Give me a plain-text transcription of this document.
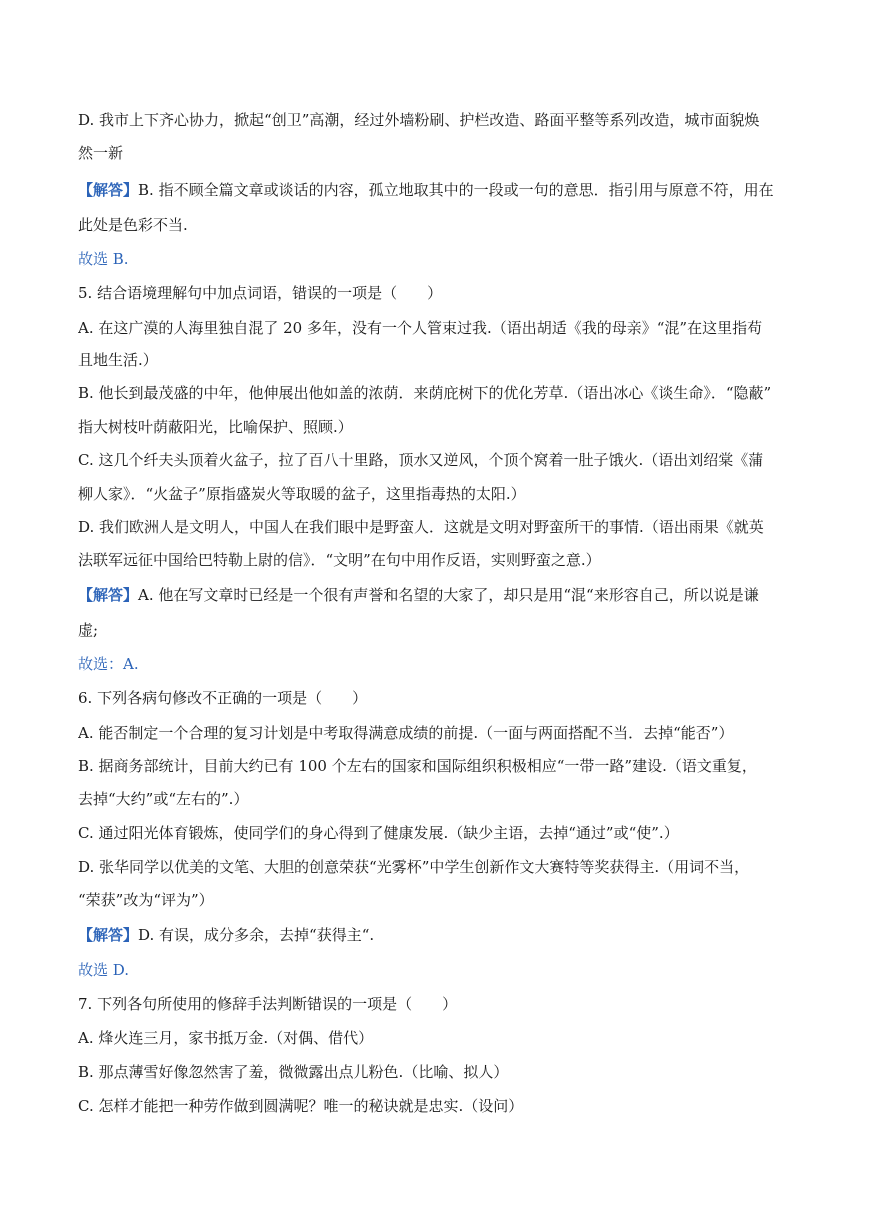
D. 我市上下齐心协力，掀起“创卫”高潮，经过外墙粉刷、护栏改造、路面平整等系列改造，城市面貌焕
然一新
【解答】B. 指不顾全篇文章或谈话的内容，孤立地取其中的一段或一句的意思．指引用与原意不符，用在
此处是色彩不当.
故选 B.
5. 结合语境理解句中加点词语，错误的一项是（　　）
A. 在这广漠的人海里独自混了 20 多年，没有一个人管束过我.（语出胡适《我的母亲》“混”在这里指苟
且地生活.）
B. 他长到最茂盛的中年，他伸展出他如盖的浓荫．来荫庇树下的优化芳草.（语出冰心《谈生命》．“隐蔽”
指大树枝叶荫蔽阳光，比喻保护、照顾.）
C. 这几个纤夫头顶着火盆子，拉了百八十里路，顶水又逆风，个顶个窝着一肚子饿火.（语出刘绍棠《蒲
柳人家》．“火盆子”原指盛炭火等取暖的盆子，这里指毒热的太阳.）
D. 我们欧洲人是文明人，中国人在我们眼中是野蛮人．这就是文明对野蛮所干的事情.（语出雨果《就英
法联军远征中国给巴特勒上尉的信》．“文明”在句中用作反语，实则野蛮之意.）
【解答】A. 他在写文章时已经是一个很有声誉和名望的大家了，却只是用“混“来形容自己，所以说是谦
虚;
故选：A.
6. 下列各病句修改不正确的一项是（　　）
A. 能否制定一个合理的复习计划是中考取得满意成绩的前提.（一面与两面搭配不当．去掉“能否”）
B. 据商务部统计，目前大约已有 100 个左右的国家和国际组织积极相应“一带一路”建设.（语文重复，
去掉“大约”或“左右的”.）
C. 通过阳光体育锻炼，使同学们的身心得到了健康发展.（缺少主语，去掉“通过”或“使”.）
D. 张华同学以优美的文笔、大胆的创意荣获“光雾杯”中学生创新作文大赛特等奖获得主.（用词不当，
“荣获”改为“评为”）
【解答】D. 有误，成分多余，去掉“获得主“.
故选 D.
7. 下列各句所使用的修辞手法判断错误的一项是（　　）
A. 烽火连三月，家书抵万金.（对偶、借代）
B. 那点薄雪好像忽然害了羞，微微露出点儿粉色.（比喻、拟人）
C. 怎样才能把一种劳作做到圆满呢？唯一的秘诀就是忠实.（设问）
